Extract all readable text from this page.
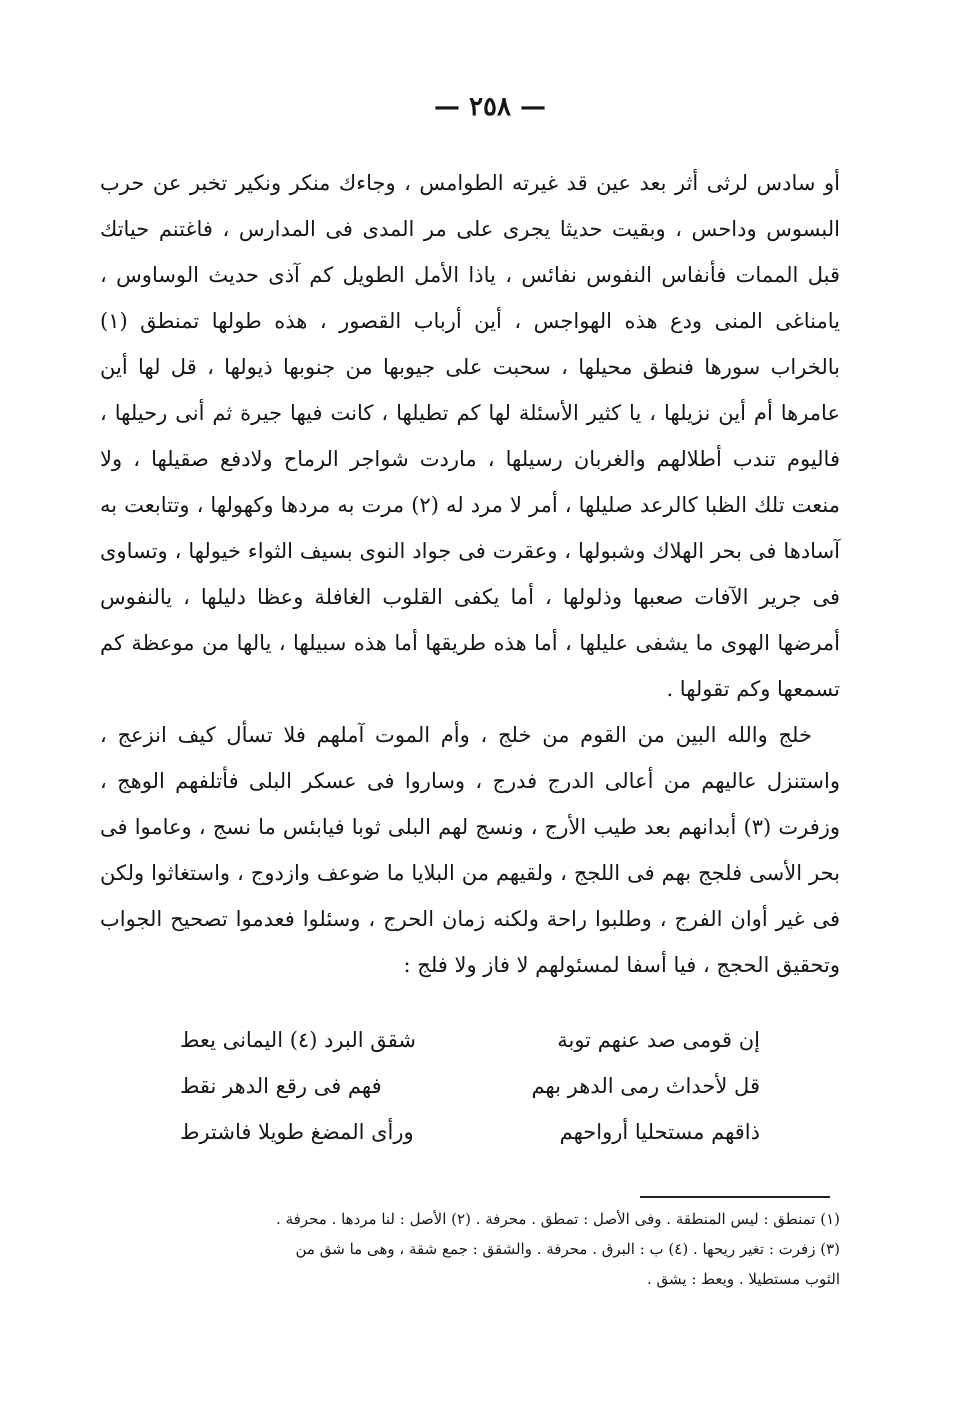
— ٢٥٨ —

أو سادس لرثى أثر بعد عين قد غيرته الطوامس ، وجاءك منكر ونكير تخبر عن حرب البسوس وداحس ، وبقيت حديثا يجرى على مر المدى فى المدارس ، فاغتنم حياتك قبل الممات فأنفاس النفوس نفائس ، ياذا الأمل الطويل كم آذى حديث الوساوس ، يامناغى المنى ودع هذه الهواجس ، أين أرباب القصور ، هذه طولها تمنطق (١) بالخراب سورها فنطق محيلها ، سحبت على جيوبها من جنوبها ذيولها ، قل لها أين عامرها أم أين نزيلها ، يا كثير الأسئلة لها كم تطيلها ، كانت فيها جيرة ثم أنى رحيلها ، فاليوم تندب أطلالهم والغربان رسيلها ، ماردت شواجر الرماح ولادفع صقيلها ، ولا منعت تلك الظبا كالرعد صليلها ، أمر لا مرد له (٢) مرت به مردها وكهولها ، وتتابعت به آسادها فى بحر الهلاك وشبولها ، وعقرت فى جواد النوى بسيف الثواء خيولها ، وتساوى فى جرير الآفات صعبها وذلولها ، أما يكفى القلوب الغافلة وعظا دليلها ، يالنفوس أمرضها الهوى ما يشفى عليلها ، أما هذه طريقها أما هذه سبيلها ، يالها من موعظة كم تسمعها وكم تقولها .

خلج والله البين من القوم من خلج ، وأم الموت آملهم فلا تسأل كيف انزعج ، واستنزل عاليهم من أعالى الدرج فدرج ، وساروا فى عسكر البلى فأتلفهم الوهج ، وزفرت (٣) أبدانهم بعد طيب الأرج ، ونسج لهم البلى ثوبا فيابئس ما نسج ، وعاموا فى بحر الأسى فلجج بهم فى اللجج ، ولقيهم من البلايا ما ضوعف وازدوج ، واستغاثوا ولكن فى غير أوان الفرج ، وطلبوا راحة ولكنه زمان الحرج ، وسئلوا فعدموا تصحيح الجواب وتحقيق الحجج ، فيا أسفا لمسئولهم لا فاز ولا فلج :

إن قومى صد عنهم توبة
شقق البرد (٤) اليمانى يعط
قل لأحداث رمى الدهر بهم
فهم فى رقع الدهر نقط
ذاقهم مستحليا أرواحهم
ورأى المضغ طويلا فاشترط

(١) تمنطق : ليس المنطقة . وفى الأصل : تمطق . محرفة . (٢) الأصل : لنا مردها . محرفة .

(٣) زفرت : تغير ريحها . (٤) ب : البرق . محرفة . والشقق : جمع شقة ، وهى ما شق من

الثوب مستطيلا . ويعط : يشق .
